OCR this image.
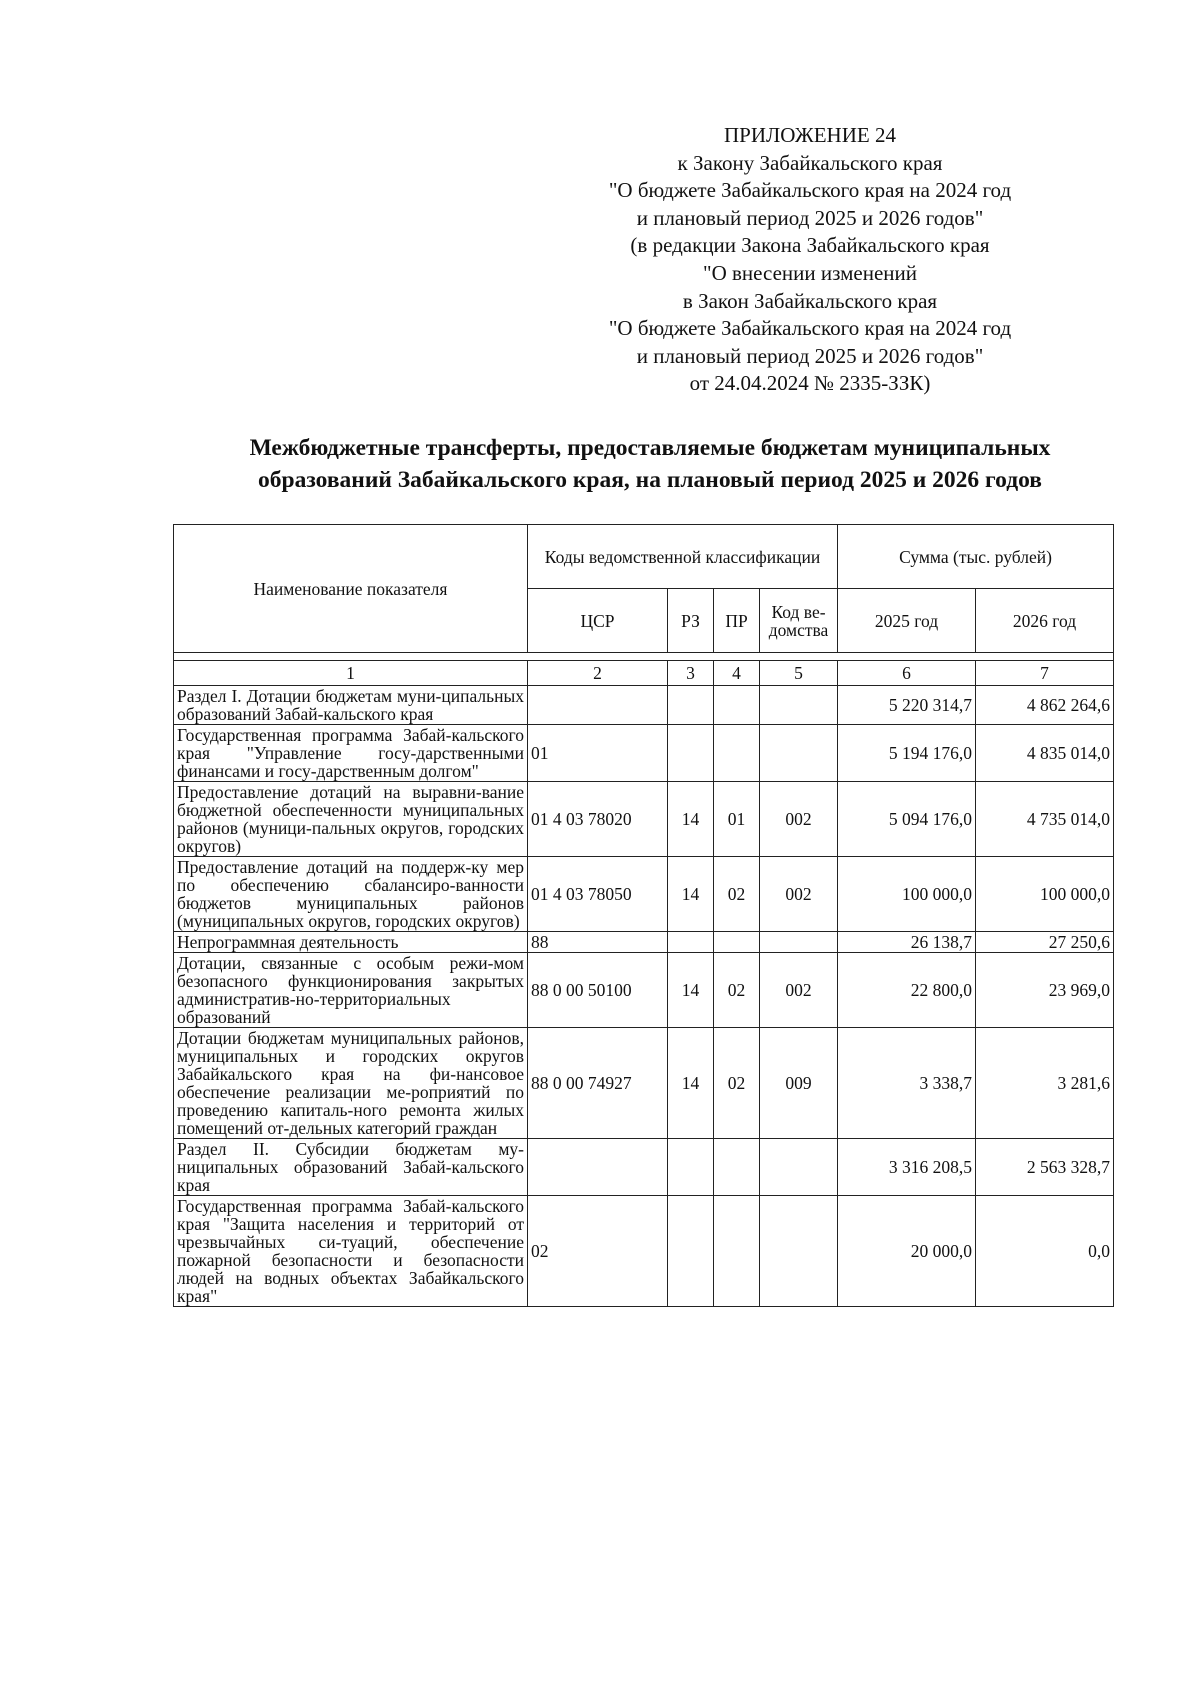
ПРИЛОЖЕНИЕ 24
к Закону Забайкальского края
"О бюджете Забайкальского края на 2024 год
и плановый период 2025 и 2026 годов"
(в редакции Закона Забайкальского края
"О внесении изменений
в Закон Забайкальского края
"О бюджете Забайкальского края на 2024 год
и плановый период 2025 и 2026 годов"
от 24.04.2024 № 2335-ЗЗК)
Межбюджетные трансферты, предоставляемые бюджетам муниципальных
образований Забайкальского края, на плановый период 2025 и 2026 годов
Наименование показателя	Коды ведомственной классификации				Сумма (тыс. рублей)	
	ЦСР	РЗ	ПР	Код ве-домства	2025 год	2026 год

1	2	3	4	5	6	7
Раздел I. Дотации бюджетам муни-ципальных образований Забай-кальского края					5 220 314,7	4 862 264,6
Государственная программа Забай-кальского края "Управление госу-дарственными финансами и госу-дарственным долгом"	01				5 194 176,0	4 835 014,0
Предоставление дотаций на выравни-вание бюджетной обеспеченности муниципальных районов (муници-пальных округов, городских округов)	01 4 03 78020	14	01	002	5 094 176,0	4 735 014,0
Предоставление дотаций на поддерж-ку мер по обеспечению сбалансиро-ванности бюджетов муниципальных районов (муниципальных округов, городских округов)	01 4 03 78050	14	02	002	100 000,0	100 000,0
Непрограммная деятельность	88				26 138,7	27 250,6
Дотации, связанные с особым режи-мом безопасного функционирования закрытых административ-но-территориальных образований	88 0 00 50100	14	02	002	22 800,0	23 969,0
Дотации бюджетам муниципальных районов, муниципальных и городских округов Забайкальского края на фи-нансовое обеспечение реализации ме-роприятий по проведению капиталь-ного ремонта жилых помещений от-дельных категорий граждан	88 0 00 74927	14	02	009	3 338,7	3 281,6
Раздел II. Субсидии бюджетам му-ниципальных образований Забай-кальского края					3 316 208,5	2 563 328,7
Государственная программа Забай-кальского края "Защита населения и территорий от чрезвычайных си-туаций, обеспечение пожарной безопасности и безопасности людей на водных объектах Забайкальского края"	02				20 000,0	0,0
